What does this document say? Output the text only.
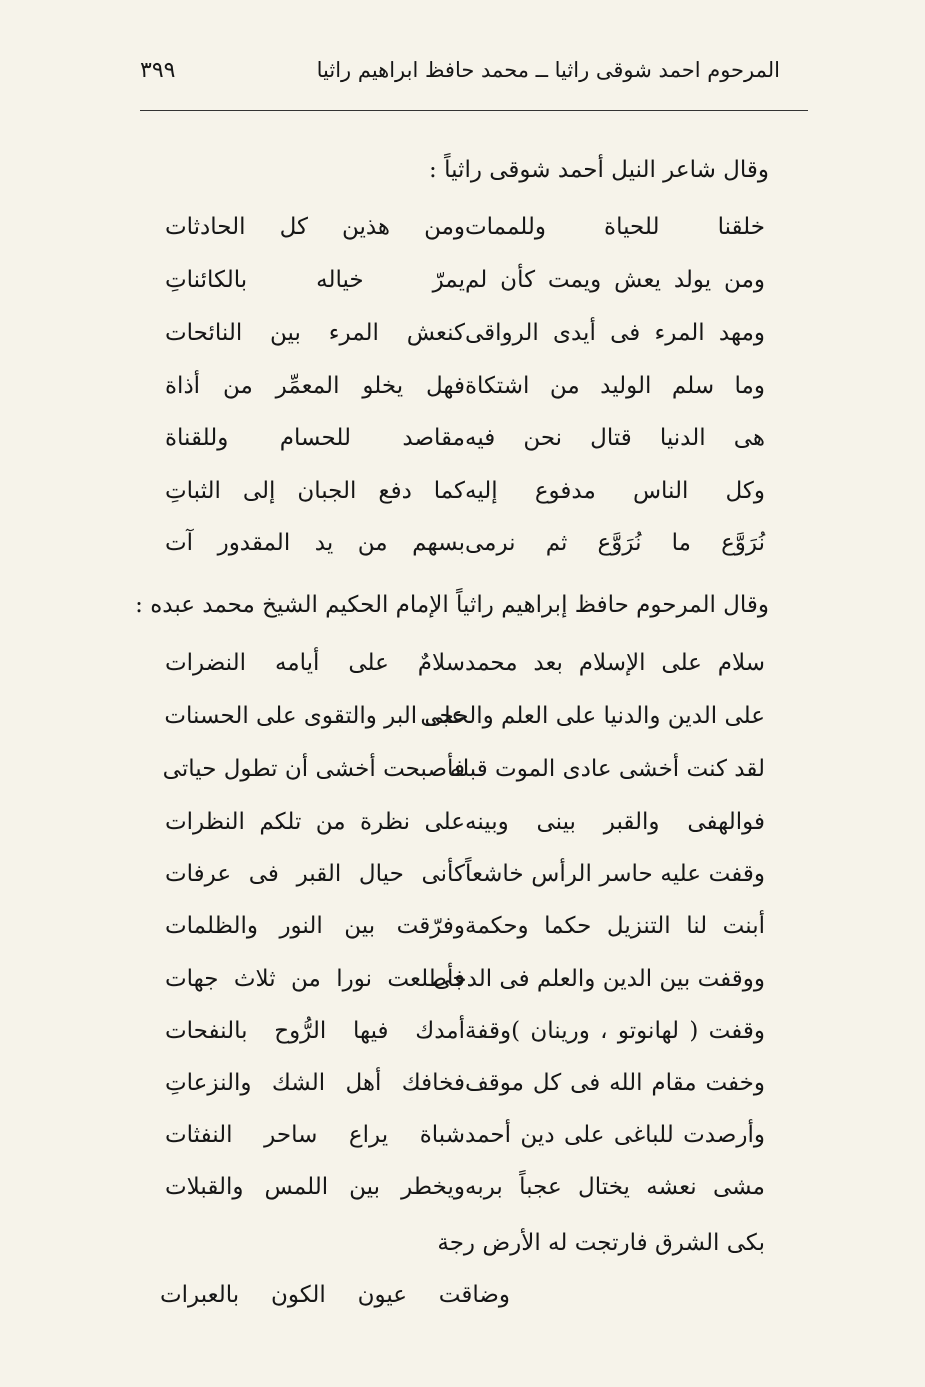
المرحوم احمد شوقى راثيا ــ محمد حافظ ابراهيم راثيا
٣٩٩
وقال شاعر النيل أحمد شوقى راثياً :
خلقنا للحياة وللممات
ومن هذين كل الحادثات
ومن يولد يعش ويمت كأن لم
يمرّ خياله بالكائناتِ
ومهد المرء فى أيدى الرواقى
كنعش المرء بين النائحات
وما سلم الوليد من اشتكاة
فهل يخلو المعمِّر من أذاة
هى الدنيا قتال نحن فيه
مقاصد للحسام وللقناة
وكل الناس مدفوع إليه
كما دفع الجبان إلى الثباتِ
نُرَوَّع ما نُرَوَّع ثم نرمى
بسهم من يد المقدور آت
وقال المرحوم حافظ إبراهيم راثياً الإمام الحكيم الشيخ محمد عبده :
سلام على الإسلام بعد محمد
سلامٌ على أيامه النضرات
على الدين والدنيا على العلم والحجى
على البر والتقوى على الحسنات
لقد كنت أخشى عادى الموت قبله
فأصبحت أخشى أن تطول حياتى
فوالهفى والقبر بينى وبينه
على نظرة من تلكم النظرات
وقفت عليه حاسر الرأس خاشعاً
كأنى حيال القبر فى عرفات
أبنت لنا التنزيل حكما وحكمة
وفرّقت بين النور والظلمات
ووقفت بين الدين والعلم فى الدجى
فأطلعت نورا من ثلاث جهات
وقفت ( لهانوتو ، ورينان )وقفة
أمدك فيها الرُّوح بالنفحات
وخفت مقام الله فى كل موقف
فخافك أهل الشك والنزعاتِ
وأرصدت للباغى على دين أحمد
شباة يراع ساحر النفثات
مشى نعشه يختال عجباً بربه
ويخطر بين اللمس والقبلات
بكى الشرق فارتجت له الأرض رجة
وضاقت عيون الكون بالعبرات
